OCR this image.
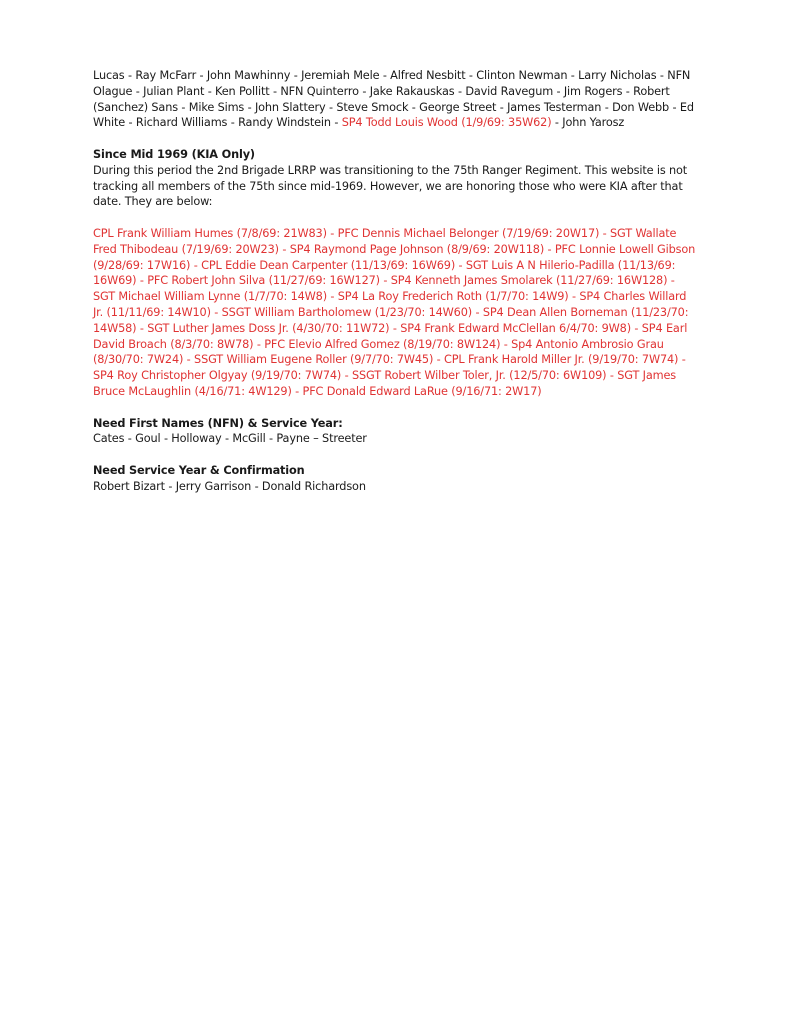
Lucas - Ray McFarr - John Mawhinny - Jeremiah Mele - Alfred Nesbitt - Clinton Newman - Larry Nicholas - NFN Olague - Julian Plant - Ken Pollitt - NFN Quinterro - Jake Rakauskas - David Ravegum - Jim Rogers - Robert (Sanchez) Sans - Mike Sims - John Slattery - Steve Smock - George Street - James Testerman - Don Webb - Ed White - Richard Williams - Randy Windstein - SP4 Todd Louis Wood (1/9/69: 35W62) - John Yarosz

Since Mid 1969 (KIA Only)

During this period the 2nd Brigade LRRP was transitioning to the 75th Ranger Regiment. This website is not tracking all members of the 75th since mid-1969. However, we are honoring those who were KIA after that date. They are below:

CPL Frank William Humes (7/8/69: 21W83) - PFC Dennis Michael Belonger (7/19/69: 20W17) - SGT Wallate Fred Thibodeau (7/19/69: 20W23) - SP4 Raymond Page Johnson (8/9/69: 20W118) - PFC Lonnie Lowell Gibson (9/28/69: 17W16) - CPL Eddie Dean Carpenter (11/13/69: 16W69) - SGT Luis A N Hilerio-Padilla (11/13/69: 16W69) - PFC Robert John Silva (11/27/69: 16W127) - SP4 Kenneth James Smolarek (11/27/69: 16W128) - SGT Michael William Lynne (1/7/70: 14W8) - SP4 La Roy Frederich Roth (1/7/70: 14W9) - SP4 Charles Willard Jr. (11/11/69: 14W10) - SSGT William Bartholomew (1/23/70: 14W60) - SP4 Dean Allen Borneman (11/23/70: 14W58) - SGT Luther James Doss Jr. (4/30/70: 11W72) - SP4 Frank Edward McClellan 6/4/70: 9W8) - SP4 Earl David Broach (8/3/70: 8W78) - PFC Elevio Alfred Gomez (8/19/70: 8W124) - Sp4 Antonio Ambrosio Grau (8/30/70: 7W24) - SSGT William Eugene Roller (9/7/70: 7W45) - CPL Frank Harold Miller Jr. (9/19/70: 7W74) - SP4 Roy Christopher Olgyay (9/19/70: 7W74) - SSGT Robert Wilber Toler, Jr. (12/5/70: 6W109) - SGT James Bruce McLaughlin (4/16/71: 4W129) - PFC Donald Edward LaRue (9/16/71: 2W17)

Need First Names (NFN) & Service Year:

Cates - Goul - Holloway - McGill - Payne – Streeter

Need Service Year & Confirmation

Robert Bizart - Jerry Garrison - Donald Richardson
